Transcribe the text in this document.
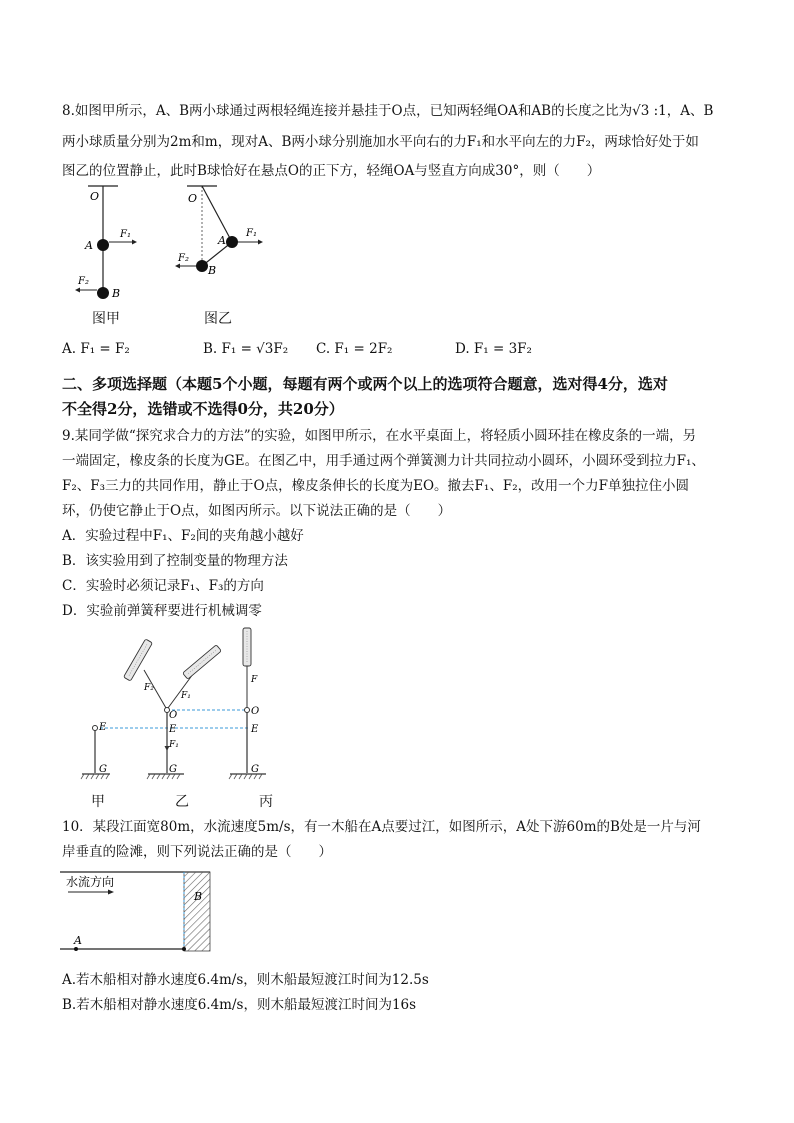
8.如图甲所示，A、B两小球通过两根轻绳连接并悬挂于O点，已知两轻绳OA和AB的长度之比为√3 :1，A、B
两小球质量分别为2m和m，现对A、B两小球分别施加水平向右的力F₁和水平向左的力F₂，两球恰好处于如
图乙的位置静止，此时B球恰好在悬点O的正下方，轻绳OA与竖直方向成30°，则（　　）
O
A
B
F₁
F₂
O
A
B
F₁
F₂
图甲	图乙
A. F₁ = F₂	B. F₁ = √3F₂ C. F₁ = 2F₂	D. F₁ = 3F₂
二、多项选择题（本题5个小题，每题有两个或两个以上的选项符合题意，选对得4分，选对
不全得2分，选错或不选得0分，共20分）
9.某同学做“探究求合力的方法”的实验，如图甲所示，在水平桌面上，将轻质小圆环挂在橡皮条的一端，另
一端固定，橡皮条的长度为GE。在图乙中，用手通过两个弹簧测力计共同拉动小圆环，小圆环受到拉力F₁、
F₂、F₃三力的共同作用，静止于O点，橡皮条伸长的长度为EO。撤去F₁、F₂，改用一个力F单独拉住小圆
环，仍使它静止于O点，如图丙所示。以下说法正确的是（　　）
A．实验过程中F₁、F₂间的夹角越小越好
B．该实验用到了控制变量的物理方法
C．实验时必须记录F₁、F₃的方向
D．实验前弹簧秤要进行机械调零
E
G
F₂
F₁
O
E
F₁
G
F
O
E
G
甲	乙	丙
10．某段江面宽80m，水流速度5m/s，有一木船在A点要过江，如图所示，A处下游60m的B处是一片与河
岸垂直的险滩，则下列说法正确的是（　　）
水流方向
A
B
A.若木船相对静水速度6.4m/s，则木船最短渡江时间为12.5s
B.若木船相对静水速度6.4m/s，则木船最短渡江时间为16s
